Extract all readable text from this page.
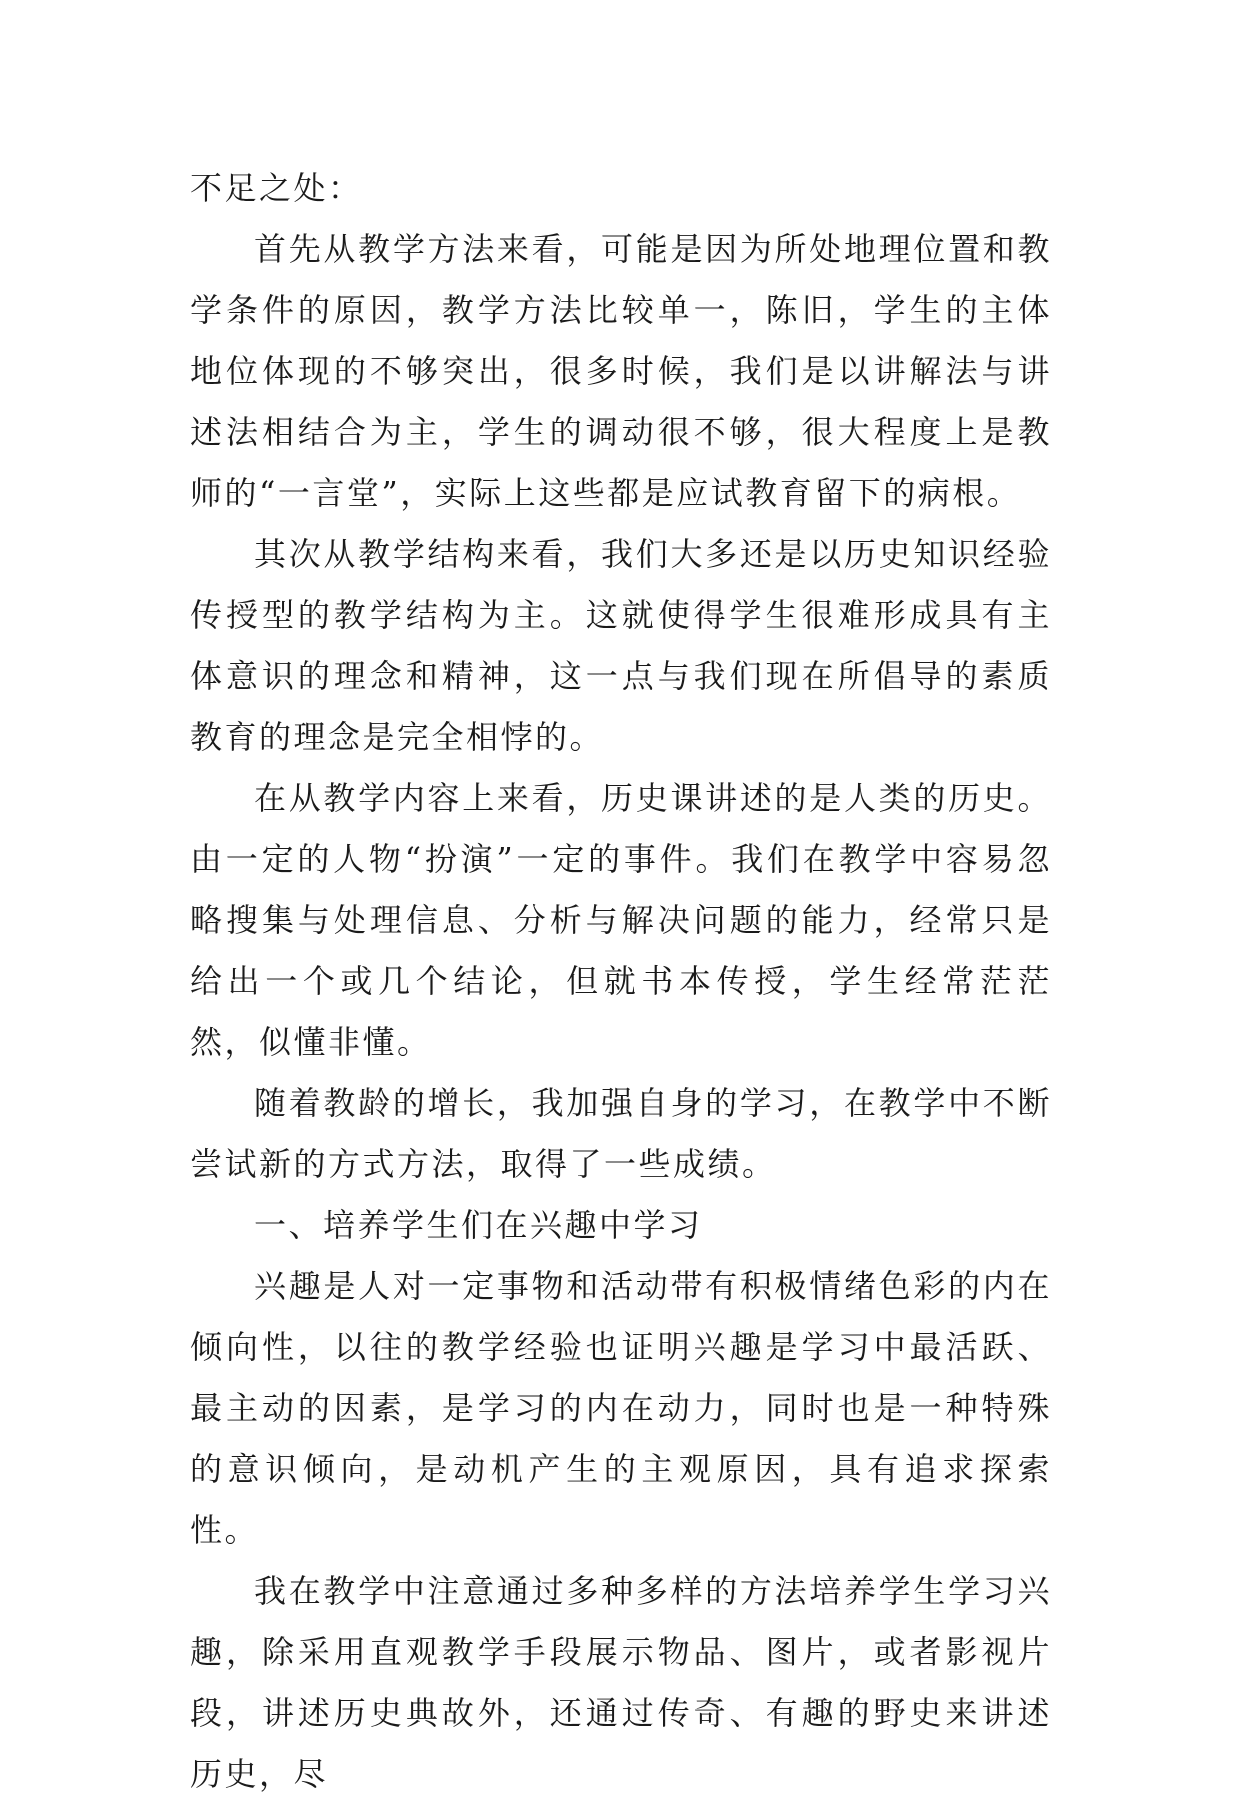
不足之处：

首先从教学方法来看，可能是因为所处地理位置和教学条件的原因，教学方法比较单一，陈旧，学生的主体地位体现的不够突出，很多时候，我们是以讲解法与讲述法相结合为主，学生的调动很不够，很大程度上是教师的“一言堂”，实际上这些都是应试教育留下的病根。

其次从教学结构来看，我们大多还是以历史知识经验传授型的教学结构为主。这就使得学生很难形成具有主体意识的理念和精神，这一点与我们现在所倡导的素质教育的理念是完全相悖的。

在从教学内容上来看，历史课讲述的是人类的历史。由一定的人物“扮演”一定的事件。我们在教学中容易忽略搜集与处理信息、分析与解决问题的能力，经常只是给出一个或几个结论，但就书本传授，学生经常茫茫然，似懂非懂。

随着教龄的增长，我加强自身的学习，在教学中不断尝试新的方式方法，取得了一些成绩。

一、培养学生们在兴趣中学习

兴趣是人对一定事物和活动带有积极情绪色彩的内在倾向性，以往的教学经验也证明兴趣是学习中最活跃、最主动的因素，是学习的内在动力，同时也是一种特殊的意识倾向，是动机产生的主观原因，具有追求探索性。

我在教学中注意通过多种多样的方法培养学生学习兴趣，除采用直观教学手段展示物品、图片，或者影视片段，讲述历史典故外，还通过传奇、有趣的野史来讲述历史，尽
